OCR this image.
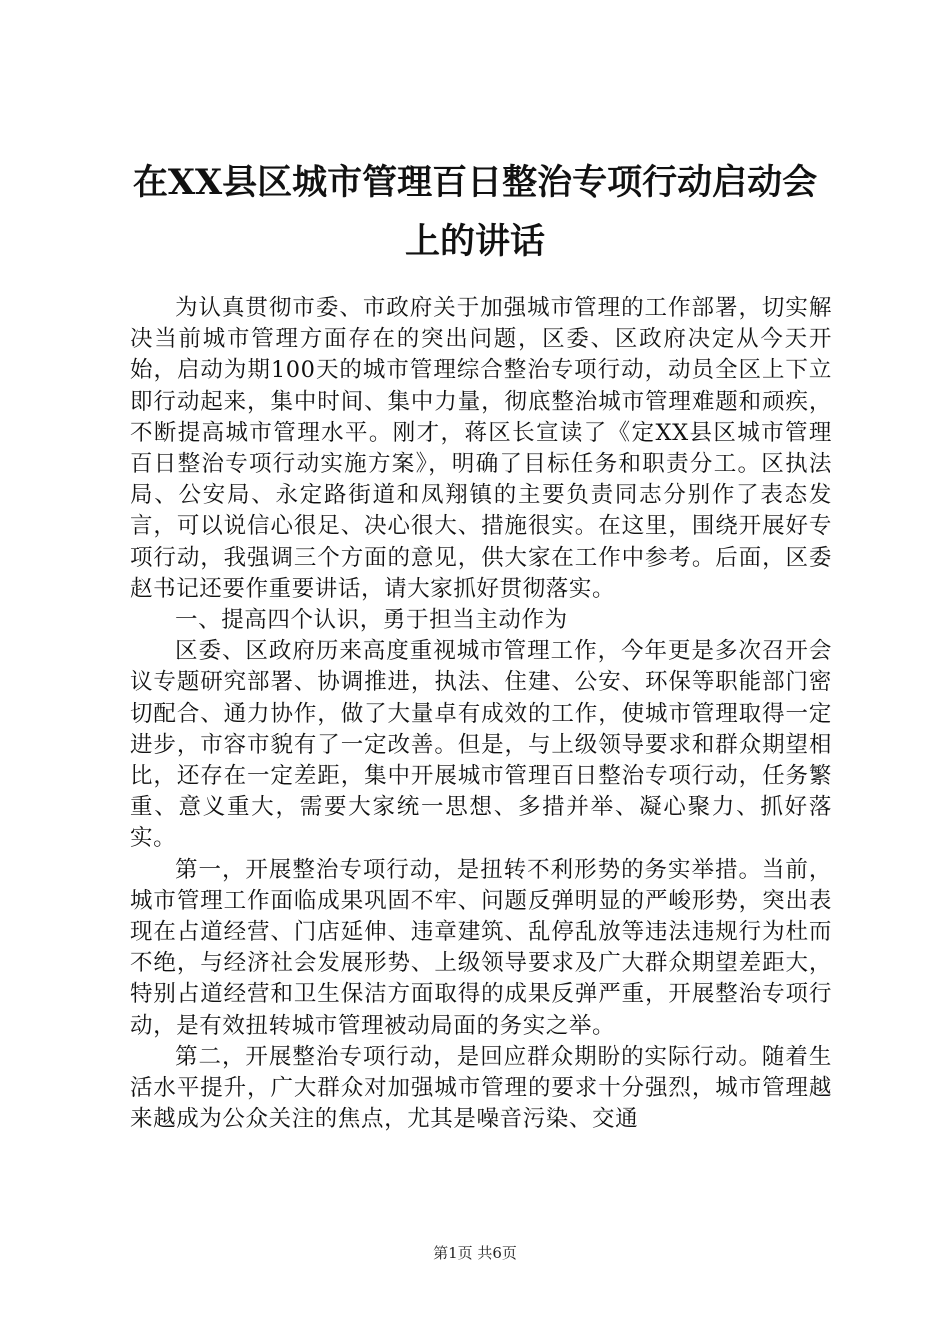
在XX县区城市管理百日整治专项行动启动会
上的讲话

为认真贯彻市委、市政府关于加强城市管理的工作部署，切实解决当前城市管理方面存在的突出问题，区委、区政府决定从今天开始，启动为期100天的城市管理综合整治专项行动，动员全区上下立即行动起来，集中时间、集中力量，彻底整治城市管理难题和顽疾，不断提高城市管理水平。刚才，蒋区长宣读了《定XX县区城市管理百日整治专项行动实施方案》，明确了目标任务和职责分工。区执法局、公安局、永定路街道和凤翔镇的主要负责同志分别作了表态发言，可以说信心很足、决心很大、措施很实。在这里，围绕开展好专项行动，我强调三个方面的意见，供大家在工作中参考。后面，区委赵书记还要作重要讲话，请大家抓好贯彻落实。

一、提高四个认识，勇于担当主动作为

区委、区政府历来高度重视城市管理工作，今年更是多次召开会议专题研究部署、协调推进，执法、住建、公安、环保等职能部门密切配合、通力协作，做了大量卓有成效的工作，使城市管理取得一定进步，市容市貌有了一定改善。但是，与上级领导要求和群众期望相比，还存在一定差距，集中开展城市管理百日整治专项行动，任务繁重、意义重大，需要大家统一思想、多措并举、凝心聚力、抓好落实。

第一，开展整治专项行动，是扭转不利形势的务实举措。当前，城市管理工作面临成果巩固不牢、问题反弹明显的严峻形势，突出表现在占道经营、门店延伸、违章建筑、乱停乱放等违法违规行为杜而不绝，与经济社会发展形势、上级领导要求及广大群众期望差距大，特别占道经营和卫生保洁方面取得的成果反弹严重，开展整治专项行动，是有效扭转城市管理被动局面的务实之举。

第二，开展整治专项行动，是回应群众期盼的实际行动。随着生活水平提升，广大群众对加强城市管理的要求十分强烈，城市管理越来越成为公众关注的焦点，尤其是噪音污染、交通

第1页 共6页
